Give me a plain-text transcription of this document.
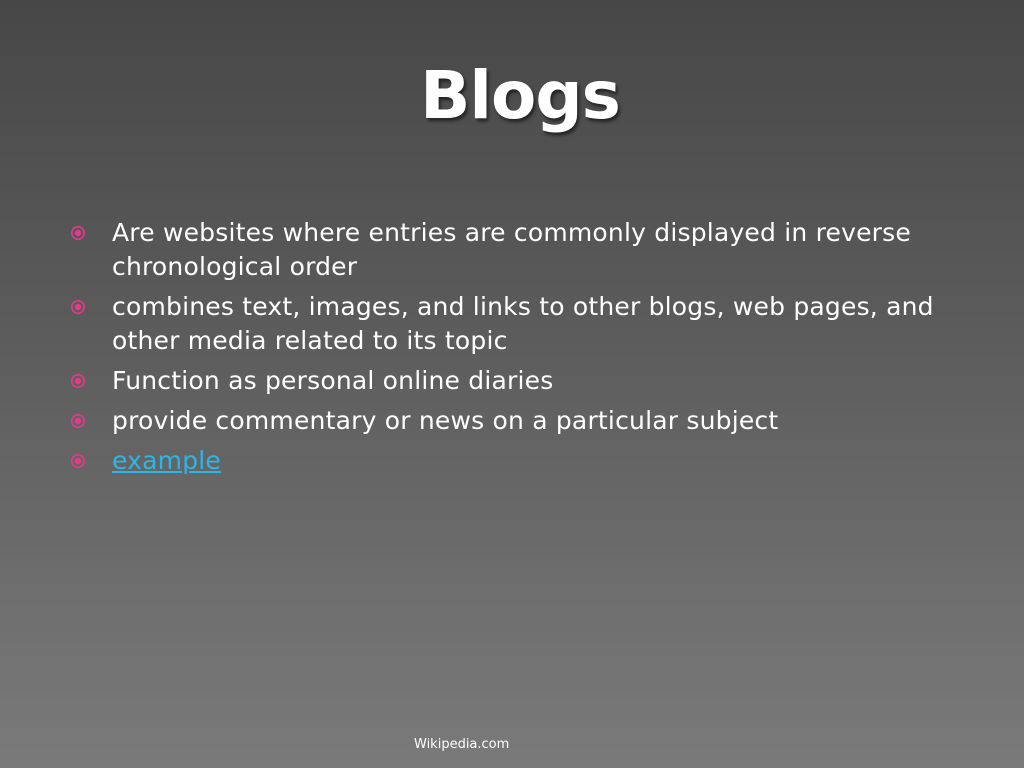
Blogs
Are websites where entries are commonly displayed in reverse chronological order
combines text, images, and links to other blogs, web pages, and other media related to its topic
Function as personal online diaries
provide commentary or news on a particular subject
example
Wikipedia.com
